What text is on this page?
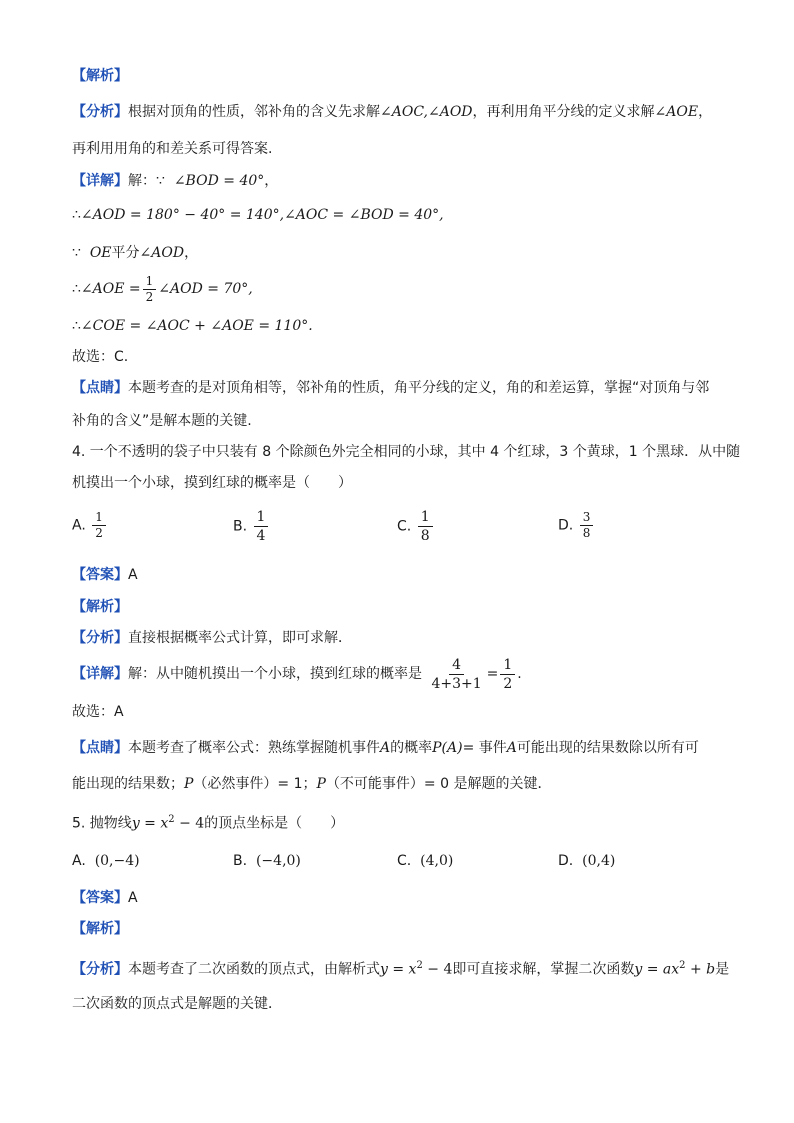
【解析】
【分析】根据对顶角的性质，邻补角的含义先求解∠AOC,∠AOD，再利用角平分线的定义求解∠AOE，
再利用用角的和差关系可得答案.
【详解】解：∵ ∠BOD = 40°，
∴∠AOD = 180° − 40° = 140°,∠AOC = ∠BOD = 40°,
∵ OE平分∠AOD，
∴∠AOE = $\frac{1}{2}$ ∠AOD = 70°,
∴∠COE = ∠AOC + ∠AOE = 110°.
故选：C.
【点睛】本题考查的是对顶角相等，邻补角的性质，角平分线的定义，角的和差运算，掌握“对顶角与邻
补角的含义”是解本题的关键.
4. 一个不透明的袋子中只装有 8 个除颜色外完全相同的小球，其中 4 个红球，3 个黄球，1 个黑球．从中随
机摸出一个小球，摸到红球的概率是（　　）
A. $\frac{1}{2}$	B. $\frac{1}{4}$	C. $\frac{1}{8}$	D. $\frac{3}{8}$
【答案】A
【解析】
【分析】直接根据概率公式计算，即可求解．
【详解】解：从中随机摸出一个小球，摸到红球的概率是 $\frac{4}{4+3+1} = \frac{1}{2}$ .
故选：A
【点睛】本题考查了概率公式：熟练掌握随机事件A的概率P(A)= 事件A可能出现的结果数除以所有可
能出现的结果数；P（必然事件）= 1；P（不可能事件）= 0 是解题的关键．
5. 抛物线$y = x^2 - 4$的顶点坐标是（　　）
A. (0,−4)	B. (−4,0)	C. (4,0)	D. (0,4)
【答案】A
【解析】
【分析】本题考查了二次函数的顶点式，由解析式$y = x^2 - 4$即可直接求解，掌握二次函数$y = ax^2 + b$是
二次函数的顶点式是解题的关键．
